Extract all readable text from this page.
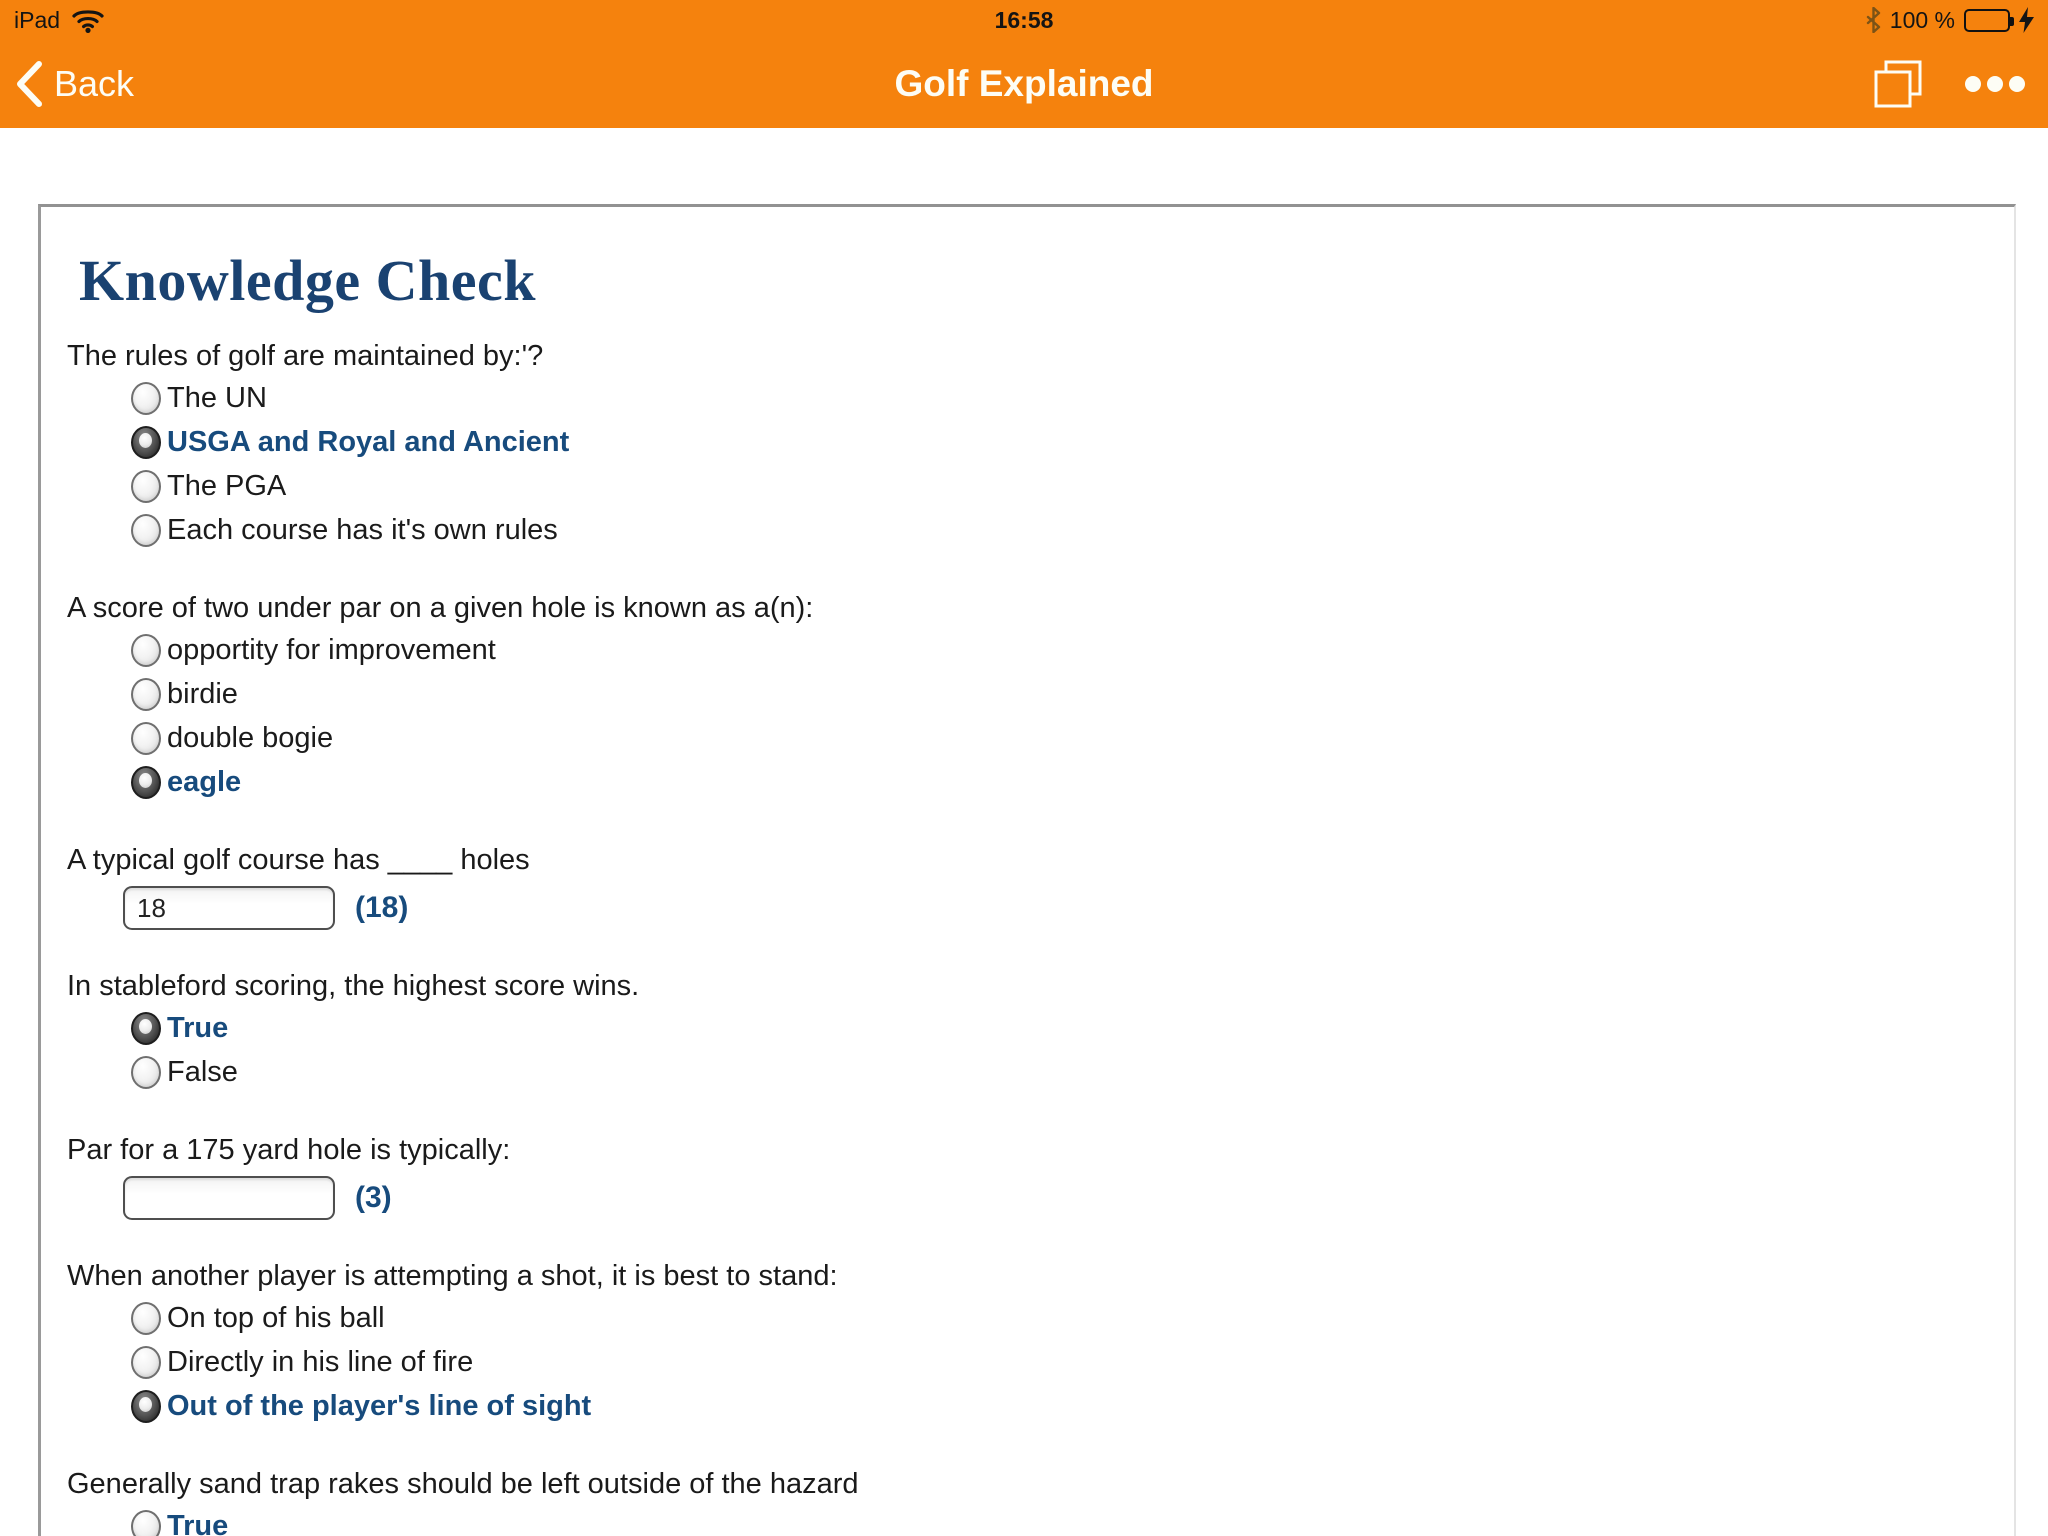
iPad	16:58	100 %
Back	Golf Explained
Knowledge Check

The rules of golf are maintained by:'?

The UN
USGA and Royal and Ancient
The PGA
Each course has it's own rules

A score of two under par on a given hole is known as a(n):

opportity for improvement
birdie
double bogie
eagle

A typical golf course has ____ holes

18
(18)

In stableford scoring, the highest score wins.

True
False

Par for a 175 yard hole is typically:

(3)

When another player is attempting a shot, it is best to stand:

On top of his ball
Directly in his line of fire
Out of the player's line of sight

Generally sand trap rakes should be left outside of the hazard

True
